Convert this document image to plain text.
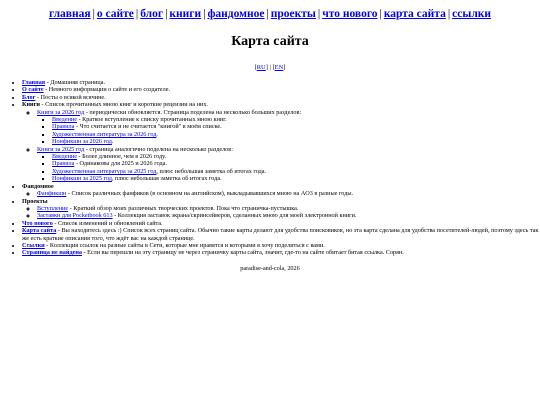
главная | о сайте | блог | книги | фандомное | проекты | что нового | карта сайта | ссылки
Карта сайта
[RU] | [EN]
• Главная - Домашняя страница.
• О сайте - Немного информации о сайте и его создателе.
• Блог - Посты о всякой всячине.
• Книги - Список прочитанных мною книг и короткие рецензии на них.
◦ Книги за 2026 год - периодически обновляется. Страница поделена на несколько больших разделов:
▪ Введение - Краткое вступление к списку прочитанных мною книг.
▪ Правила - Что считается и не считается "книгой" в моём списке.
▪ Художественная литература за 2026 год.
▪ Нонфикшн за 2026 год.
◦ Книги за 2025 год - страница аналогично поделена на несколько разделов:
▪ Введение - Более длинное, чем в 2026 году.
▪ Правила - Одинаковы для 2025 и 2026 года.
▪ Художественная литература за 2025 год, плюс небольшая заметка об итогах года.
▪ Нонфикшн за 2025 год, плюс небольшая заметка об итогах года.
• Фандомное
◦ Фанфикшн - Список различных фанфиков (в основном на английском), выкладывавшихся мною на AO3 в разные годы.
• Проекты
◦ Вступление - Краткий обзор моих различных творческих проектов. Пока что страничка-пустышка.
◦ Заставки для Pocketbook 613 - Коллекция заставок экрана/скринсейверов, сделанных мною для моей электронной книги.
• Что нового - Список изменений и обновлений сайта.
• Карта сайта - Вы находитесь здесь :) Список всех страниц сайта. Обычно такие карты делают для удобства поисковиков, но эта карта сделана для удобства посетителей-людей, поэтому здесь так же есть краткие описания того, что ждёт вас на каждой странице.
• Ссылки - Коллекция ссылок на разные сайты в Сети, которые мне нравятся и которыми я хочу поделиться с вами.
• Страница не найдена - Если вы перешли на эту страницу не через страничку карты сайта, значит, где-то на сайте обитает битая ссылка. Сорян.
paradise-and-cola, 2026
